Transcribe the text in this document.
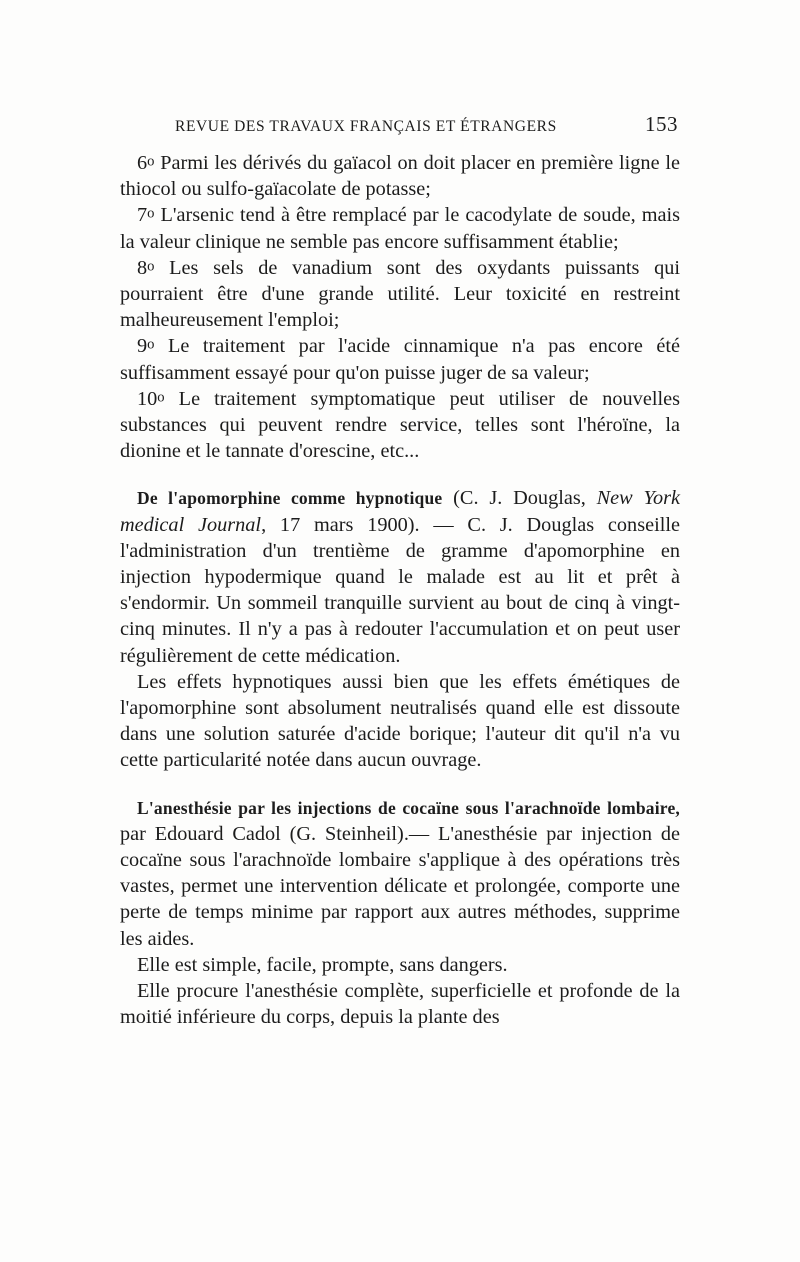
REVUE DES TRAVAUX FRANÇAIS ET ÉTRANGERS	153

6o Parmi les dérivés du gaïacol on doit placer en première ligne le thiocol ou sulfo-gaïacolate de potasse;

7o L'arsenic tend à être remplacé par le cacodylate de soude, mais la valeur clinique ne semble pas encore suffisamment établie;

8o Les sels de vanadium sont des oxydants puissants qui pourraient être d'une grande utilité. Leur toxicité en restreint malheureusement l'emploi;

9o Le traitement par l'acide cinnamique n'a pas encore été suffisamment essayé pour qu'on puisse juger de sa valeur;

10o Le traitement symptomatique peut utiliser de nouvelles substances qui peuvent rendre service, telles sont l'héroïne, la dionine et le tannate d'orescine, etc...

De l'apomorphine comme hypnotique (C. J. Douglas, New York medical Journal, 17 mars 1900). — C. J. Douglas conseille l'administration d'un trentième de gramme d'apomorphine en injection hypodermique quand le malade est au lit et prêt à s'endormir. Un sommeil tranquille survient au bout de cinq à vingt-cinq minutes. Il n'y a pas à redouter l'accumulation et on peut user régulièrement de cette médication.

Les effets hypnotiques aussi bien que les effets émétiques de l'apomorphine sont absolument neutralisés quand elle est dissoute dans une solution saturée d'acide borique; l'auteur dit qu'il n'a vu cette particularité notée dans aucun ouvrage.

L'anesthésie par les injections de cocaïne sous l'arachnoïde lombaire, par Edouard Cadol (G. Steinheil).— L'anesthésie par injection de cocaïne sous l'arachnoïde lombaire s'applique à des opérations très vastes, permet une intervention délicate et prolongée, comporte une perte de temps minime par rapport aux autres méthodes, supprime les aides.

Elle est simple, facile, prompte, sans dangers.

Elle procure l'anesthésie complète, superficielle et profonde de la moitié inférieure du corps, depuis la plante des
